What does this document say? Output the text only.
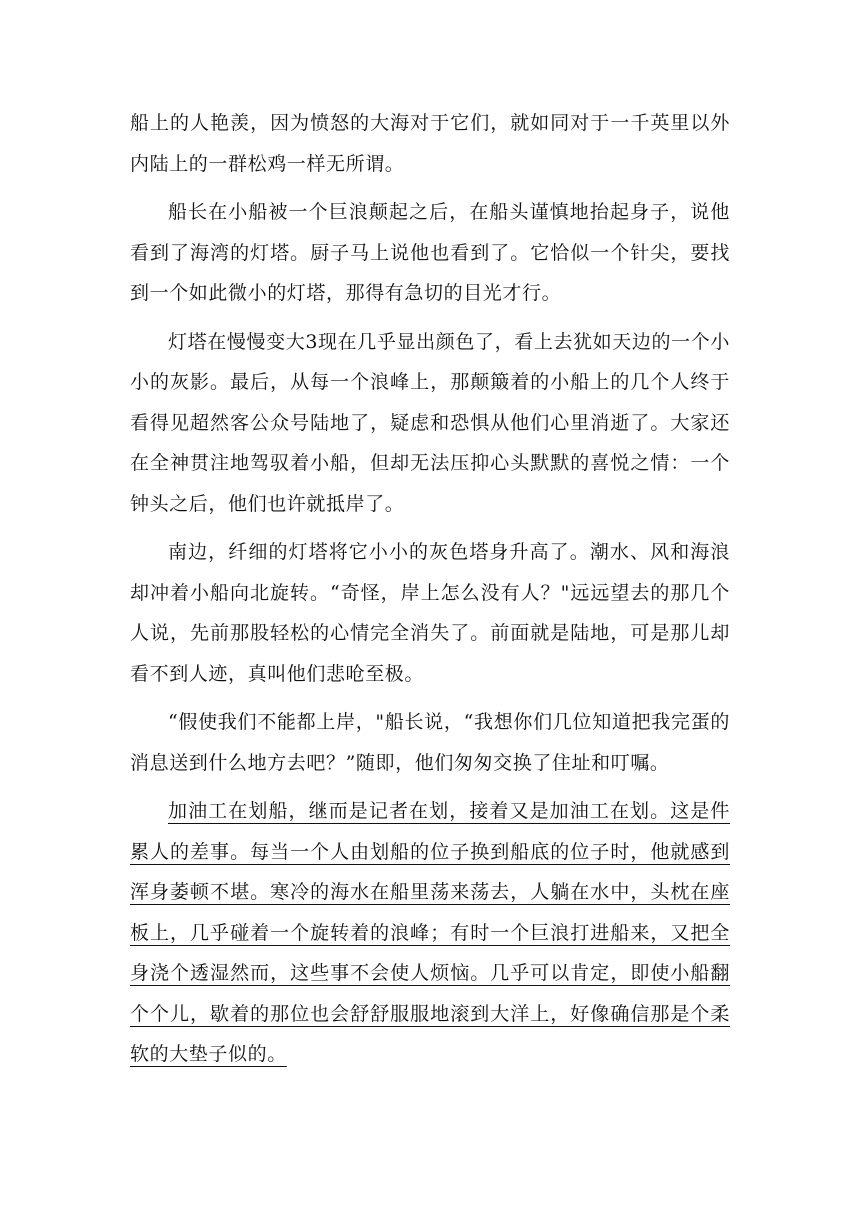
船上的人艳羡，因为愤怒的大海对于它们，就如同对于一千英里以外内陆上的一群松鸡一样无所谓。

船长在小船被一个巨浪颠起之后，在船头谨慎地抬起身子，说他看到了海湾的灯塔。厨子马上说他也看到了。它恰似一个针尖，要找到一个如此微小的灯塔，那得有急切的目光才行。

灯塔在慢慢变大3现在几乎显出颜色了，看上去犹如天边的一个小小的灰影。最后，从每一个浪峰上，那颠簸着的小船上的几个人终于看得见超然客公众号陆地了，疑虑和恐惧从他们心里消逝了。大家还在全神贯注地驾驭着小船，但却无法压抑心头默默的喜悦之情：一个钟头之后，他们也许就抵岸了。

南边，纤细的灯塔将它小小的灰色塔身升高了。潮水、风和海浪却冲着小船向北旋转。“奇怪，岸上怎么没有人？"远远望去的那几个人说，先前那股轻松的心情完全消失了。前面就是陆地，可是那儿却看不到人迹，真叫他们悲呛至极。

“假使我们不能都上岸，"船长说，“我想你们几位知道把我完蛋的消息送到什么地方去吧？”随即，他们匆匆交换了住址和叮嘱。

加油工在划船，继而是记者在划，接着又是加油工在划。这是件累人的差事。每当一个人由划船的位子换到船底的位子时，他就感到浑身萎顿不堪。寒冷的海水在船里荡来荡去，人躺在水中，头枕在座板上，几乎碰着一个旋转着的浪峰；有时一个巨浪打进船来，又把全身浇个透湿然而，这些事不会使人烦恼。几乎可以肯定，即使小船翻个个儿，歇着的那位也会舒舒服服地滚到大洋上，好像确信那是个柔软的大垫子似的。
